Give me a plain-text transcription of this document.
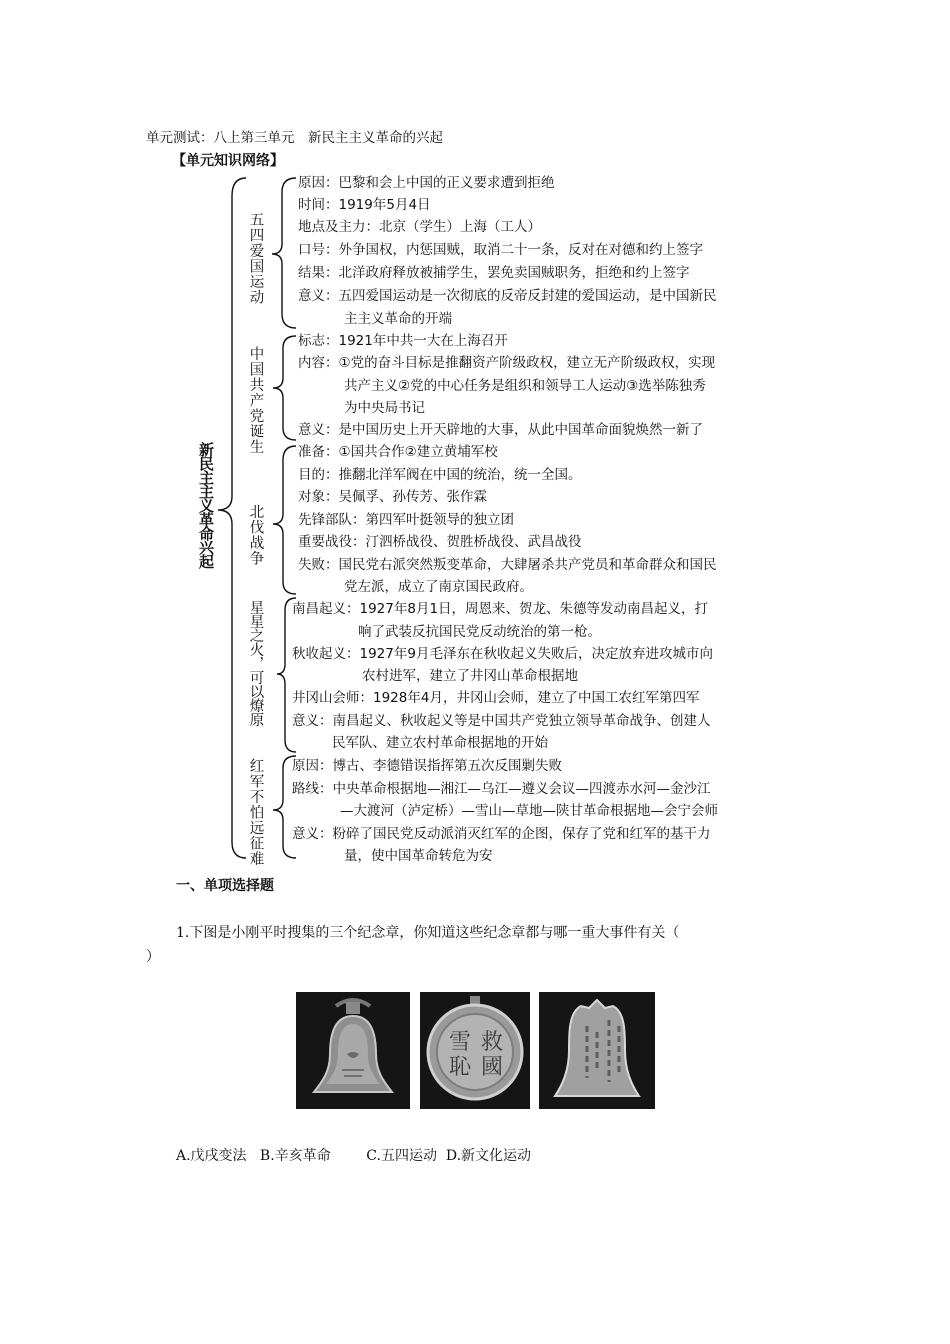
单元测试：八上第三单元　新民主主义革命的兴起
【单元知识网络】
新民主主义革命兴起
五四爱国运动
中国共产党诞生
北伐战争
星星之火，可以燎原
红军不怕远征难
原因：巴黎和会上中国的正义要求遭到拒绝
时间：1919年5月4日
地点及主力：北京（学生）上海（工人）
口号：外争国权，内惩国贼，取消二十一条，反对在对德和约上签字
结果：北洋政府释放被捕学生，罢免卖国贼职务，拒绝和约上签字
意义：五四爱国运动是一次彻底的反帝反封建的爱国运动，是中国新民
主主义革命的开端
标志：1921年中共一大在上海召开
内容：①党的奋斗目标是推翻资产阶级政权，建立无产阶级政权，实现
共产主义②党的中心任务是组织和领导工人运动③选举陈独秀
为中央局书记
意义：是中国历史上开天辟地的大事，从此中国革命面貌焕然一新了
准备：①国共合作②建立黄埔军校
目的：推翻北洋军阀在中国的统治，统一全国。
对象：吴佩孚、孙传芳、张作霖
先锋部队：第四军叶挺领导的独立团
重要战役：汀泗桥战役、贺胜桥战役、武昌战役
失败：国民党右派突然叛变革命，大肆屠杀共产党员和革命群众和国民
党左派，成立了南京国民政府。
南昌起义：1927年8月1日，周恩来、贺龙、朱德等发动南昌起义，打
响了武装反抗国民党反动统治的第一枪。
秋收起义：1927年9月毛泽东在秋收起义失败后，决定放弃进攻城市向
农村进军，建立了井冈山革命根据地
井冈山会师：1928年4月，井冈山会师，建立了中国工农红军第四军
意义：南昌起义、秋收起义等是中国共产党独立领导革命战争、创建人
民军队、建立农村革命根据地的开始
原因：博古、李德错误指挥第五次反围剿失败
路线：中央革命根据地—湘江—乌江—遵义会议—四渡赤水河—金沙江
—大渡河（泸定桥）—雪山—草地—陕甘革命根据地—会宁会师
意义：粉碎了国民党反动派消灭红军的企图，保存了党和红军的基干力
量，使中国革命转危为安
一、单项选择题
1.下图是小刚平时搜集的三个纪念章，你知道这些纪念章都与哪一重大事件有关（
）
救
國
雪
恥
A.戊戌变法 B.辛亥革命	C.五四运动 D.新文化运动
